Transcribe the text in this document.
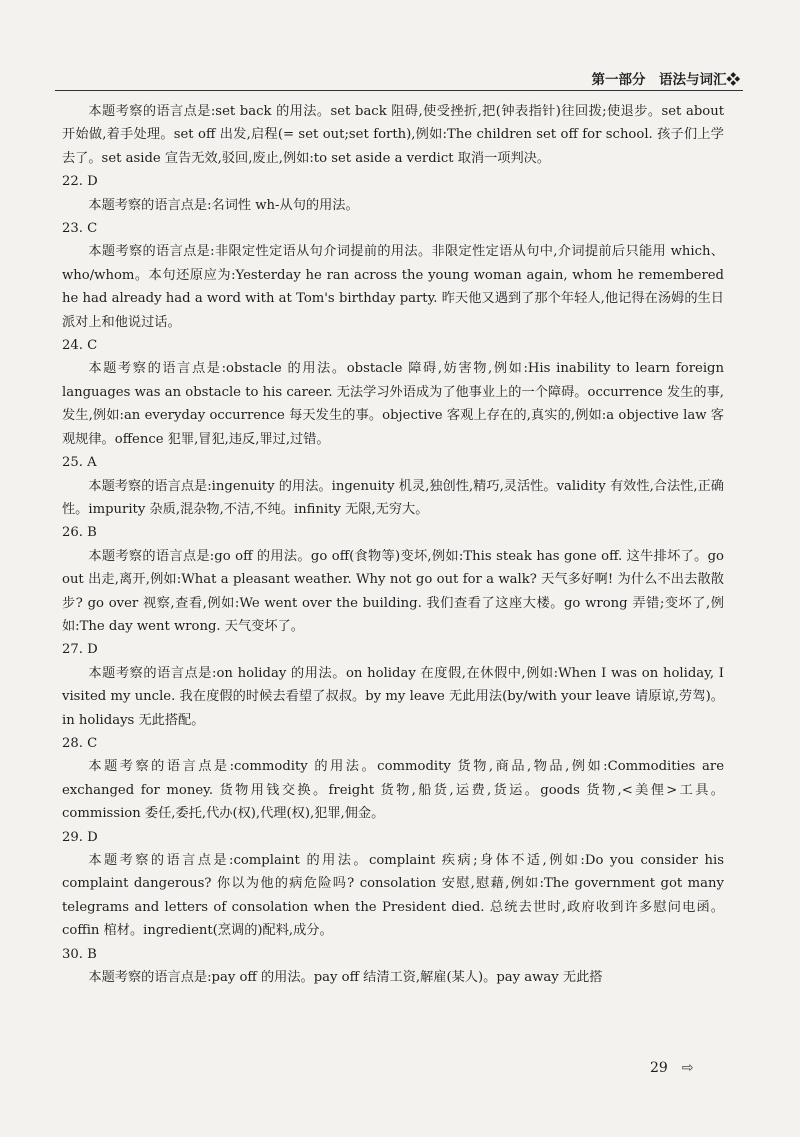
第一部分　语法与词汇❖

本题考察的语言点是:set back 的用法。set back 阻碍,使受挫折,把(钟表指针)往回拨;使退步。set about 开始做,着手处理。set off 出发,启程(= set out;set forth),例如:The children set off for school. 孩子们上学去了。set aside 宣告无效,驳回,废止,例如:to set aside a verdict 取消一项判决。

22. D

本题考察的语言点是:名词性 wh-从句的用法。

23. C

本题考察的语言点是:非限定性定语从句介词提前的用法。非限定性定语从句中,介词提前后只能用 which、who/whom。本句还原应为:Yesterday he ran across the young woman again, whom he remembered he had already had a word with at Tom's birthday party. 昨天他又遇到了那个年轻人,他记得在汤姆的生日派对上和他说过话。

24. C

本题考察的语言点是:obstacle 的用法。obstacle 障碍,妨害物,例如:His inability to learn foreign languages was an obstacle to his career. 无法学习外语成为了他事业上的一个障碍。occurrence 发生的事,发生,例如:an everyday occurrence 每天发生的事。objective 客观上存在的,真实的,例如:a objective law 客观规律。offence 犯罪,冒犯,违反,罪过,过错。

25. A

本题考察的语言点是:ingenuity 的用法。ingenuity 机灵,独创性,精巧,灵活性。validity 有效性,合法性,正确性。impurity 杂质,混杂物,不洁,不纯。infinity 无限,无穷大。

26. B

本题考察的语言点是:go off 的用法。go off(食物等)变坏,例如:This steak has gone off. 这牛排坏了。go out 出走,离开,例如:What a pleasant weather. Why not go out for a walk? 天气多好啊! 为什么不出去散散步? go over 视察,查看,例如:We went over the building. 我们查看了这座大楼。go wrong 弄错;变坏了,例如:The day went wrong. 天气变坏了。

27. D

本题考察的语言点是:on holiday 的用法。on holiday 在度假,在休假中,例如:When I was on holiday, I visited my uncle. 我在度假的时候去看望了叔叔。by my leave 无此用法(by/with your leave 请原谅,劳驾)。in holidays 无此搭配。

28. C

本题考察的语言点是:commodity 的用法。commodity 货物,商品,物品,例如:Commodities are exchanged for money. 货物用钱交换。freight 货物,船货,运费,货运。goods 货物,<美俚>工具。commission 委任,委托,代办(权),代理(权),犯罪,佣金。

29. D

本题考察的语言点是:complaint 的用法。complaint 疾病;身体不适,例如:Do you consider his complaint dangerous? 你以为他的病危险吗? consolation 安慰,慰藉,例如:The government got many telegrams and letters of consolation when the President died. 总统去世时,政府收到许多慰问电函。coffin 棺材。ingredient(烹调的)配料,成分。

30. B

本题考察的语言点是:pay off 的用法。pay off 结清工资,解雇(某人)。pay away 无此搭

29 ⇨
